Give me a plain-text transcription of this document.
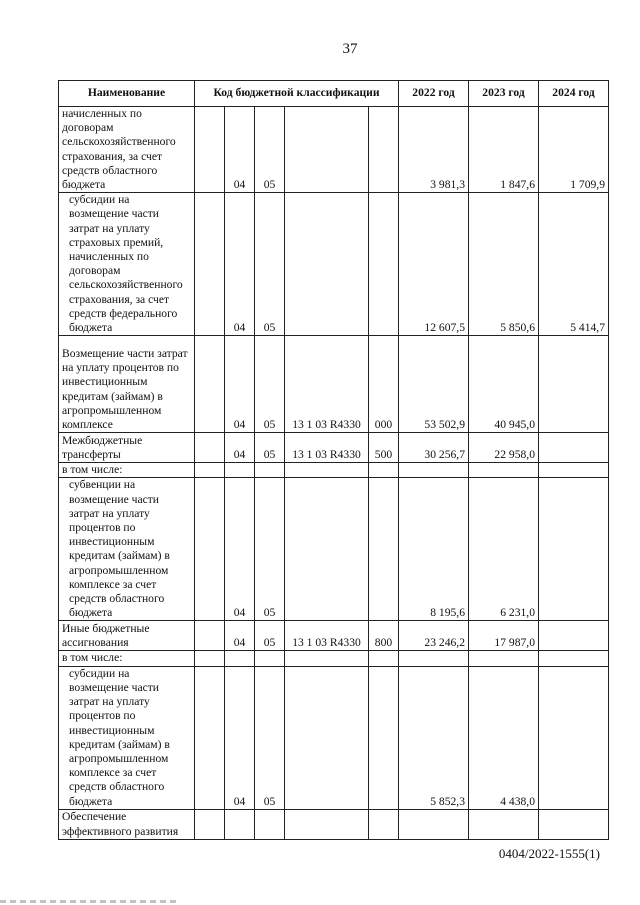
37
Наименование	Код бюджетной классификации					2022 год	2023 год	2024 год
начисленных по договорам сельскохозяйственного страхования, за счет средств областного бюджета		04	05			3 981,3	1 847,6	1 709,9
субсидии на возмещение части затрат на уплату страховых премий, начисленных по договорам сельскохозяйственного страхования, за счет средств федерального бюджета		04	05			12 607,5	5 850,6	5 414,7
Возмещение части затрат на уплату процентов по инвестиционным кредитам (займам) в агропромышленном комплексе		04	05	13 1 03 R4330	000	53 502,9	40 945,0	
Межбюджетные трансферты		04	05	13 1 03 R4330	500	30 256,7	22 958,0	
в том числе:								
субвенции на возмещение части затрат на уплату процентов по инвестиционным кредитам (займам) в агропромышленном комплексе за счет средств областного бюджета		04	05			8 195,6	6 231,0	
Иные бюджетные ассигнования		04	05	13 1 03 R4330	800	23 246,2	17 987,0	
в том числе:								
субсидии на возмещение части затрат на уплату процентов по инвестиционным кредитам (займам) в агропромышленном комплексе за счет средств областного бюджета		04	05			5 852,3	4 438,0	
Обеспечение эффективного развития								
0404/2022-1555(1)
